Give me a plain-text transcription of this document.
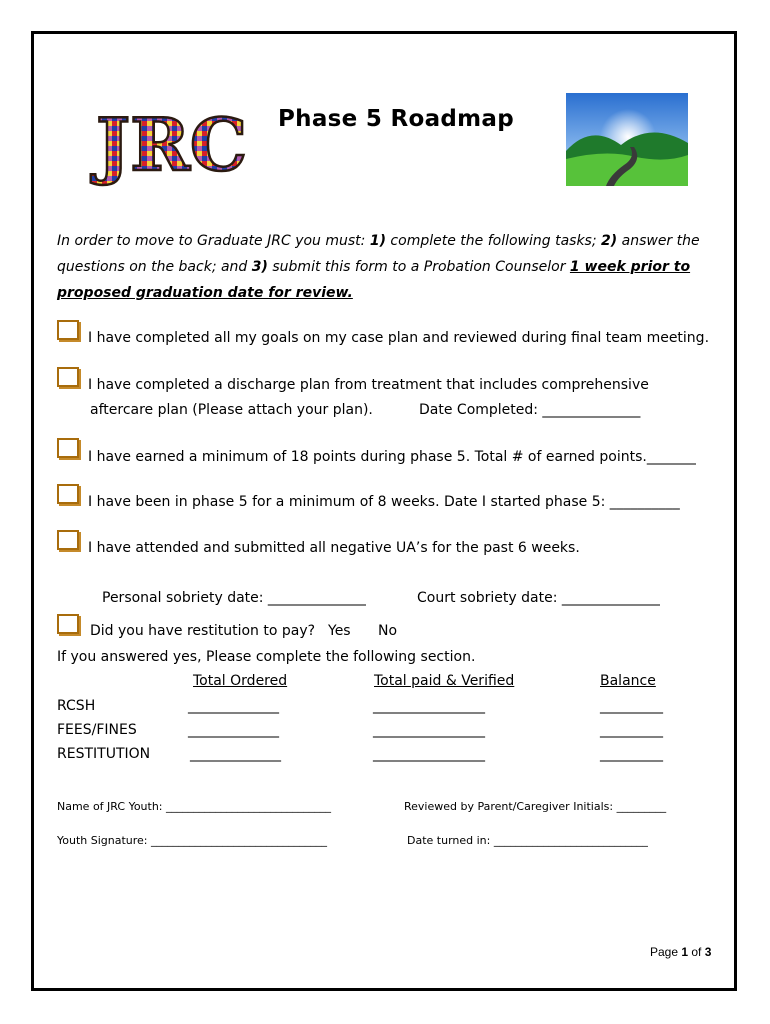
JRC Phase 5 Roadmap
In order to move to Graduate JRC you must: 1) complete the following tasks; 2) answer the
questions on the back; and 3) submit this form to a Probation Counselor 1 week prior to
proposed graduation date for review.
I have completed all my goals on my case plan and reviewed during final team meeting.
I have completed a discharge plan from treatment that includes comprehensive
aftercare plan (Please attach your plan).	Date Completed: ______________
I have earned a minimum of 18 points during phase 5. Total # of earned points._______
I have been in phase 5 for a minimum of 8 weeks. Date I started phase 5: __________
I have attended and submitted all negative UA’s for the past 6 weeks.
Personal sobriety date: ______________	Court sobriety date: ______________
Did you have restitution to pay? Yes No
If you answered yes, Please complete the following section.
Total Ordered	Total paid & Verified	Balance
RCSH	_____________	________________	_________
FEES/FINES	_____________	________________	_________
RESTITUTION	_____________	________________	_________
Name of JRC Youth: ______________________________	Reviewed by Parent/Caregiver Initials: _________
Youth Signature: ________________________________	Date turned in: ____________________________
Page 1 of 3
